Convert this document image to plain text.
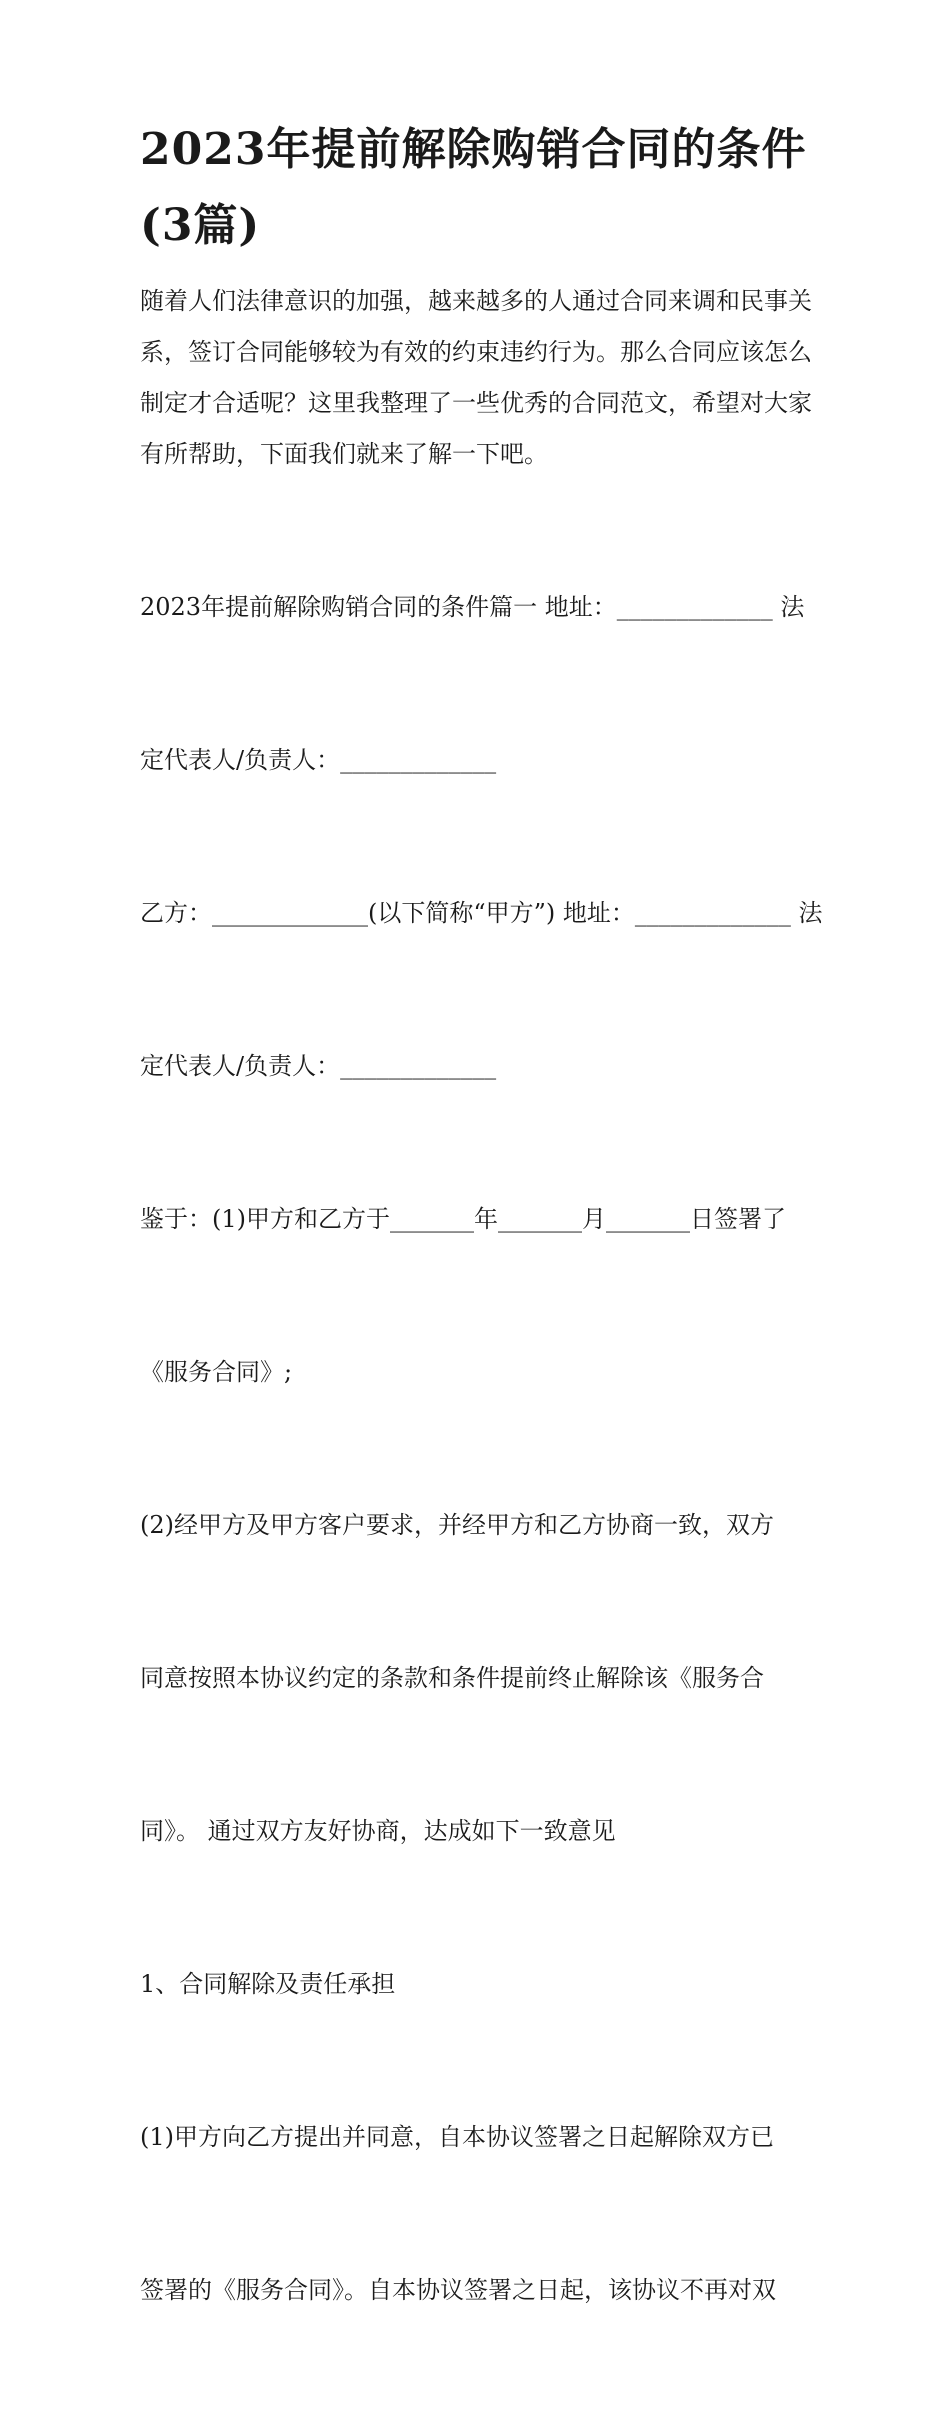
2023年提前解除购销合同的条件(3篇)

随着人们法律意识的加强，越来越多的人通过合同来调和民事关系，签订合同能够较为有效的约束违约行为。那么合同应该怎么制定才合适呢？这里我整理了一些优秀的合同范文，希望对大家有所帮助，下面我们就来了解一下吧。

2023年提前解除购销合同的条件篇一 地址：_____________ 法

定代表人/负责人：_____________

乙方：_____________(以下简称“甲方”) 地址：_____________ 法

定代表人/负责人：_____________

鉴于：(1)甲方和乙方于_______年_______月_______日签署了

《服务合同》;

(2)经甲方及甲方客户要求，并经甲方和乙方协商一致，双方

同意按照本协议约定的条款和条件提前终止解除该《服务合

同》。 通过双方友好协商，达成如下一致意见

1、合同解除及责任承担

(1)甲方向乙方提出并同意，自本协议签署之日起解除双方已

签署的《服务合同》。自本协议签署之日起，该协议不再对双
